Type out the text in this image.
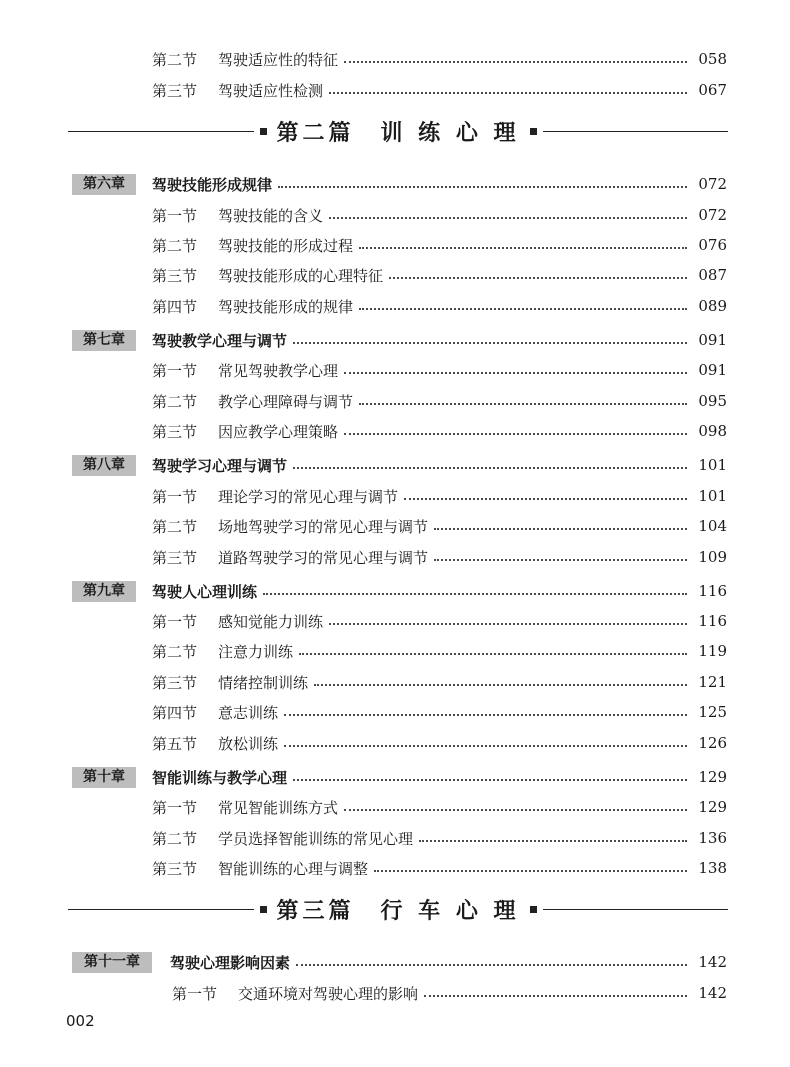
第二节	驾驶适应性的特征	058
第三节	驾驶适应性检测	067
第二篇　训 练 心 理
第六章	驾驶技能形成规律	072
第一节	驾驶技能的含义	072
第二节	驾驶技能的形成过程	076
第三节	驾驶技能形成的心理特征	087
第四节	驾驶技能形成的规律	089
第七章	驾驶教学心理与调节	091
第一节	常见驾驶教学心理	091
第二节	教学心理障碍与调节	095
第三节	因应教学心理策略	098
第八章	驾驶学习心理与调节	101
第一节	理论学习的常见心理与调节	101
第二节	场地驾驶学习的常见心理与调节	104
第三节	道路驾驶学习的常见心理与调节	109
第九章	驾驶人心理训练	116
第一节	感知觉能力训练	116
第二节	注意力训练	119
第三节	情绪控制训练	121
第四节	意志训练	125
第五节	放松训练	126
第十章	智能训练与教学心理	129
第一节	常见智能训练方式	129
第二节	学员选择智能训练的常见心理	136
第三节	智能训练的心理与调整	138
第三篇　行 车 心 理
第十一章	驾驶心理影响因素	142
第一节	交通环境对驾驶心理的影响	142
002
